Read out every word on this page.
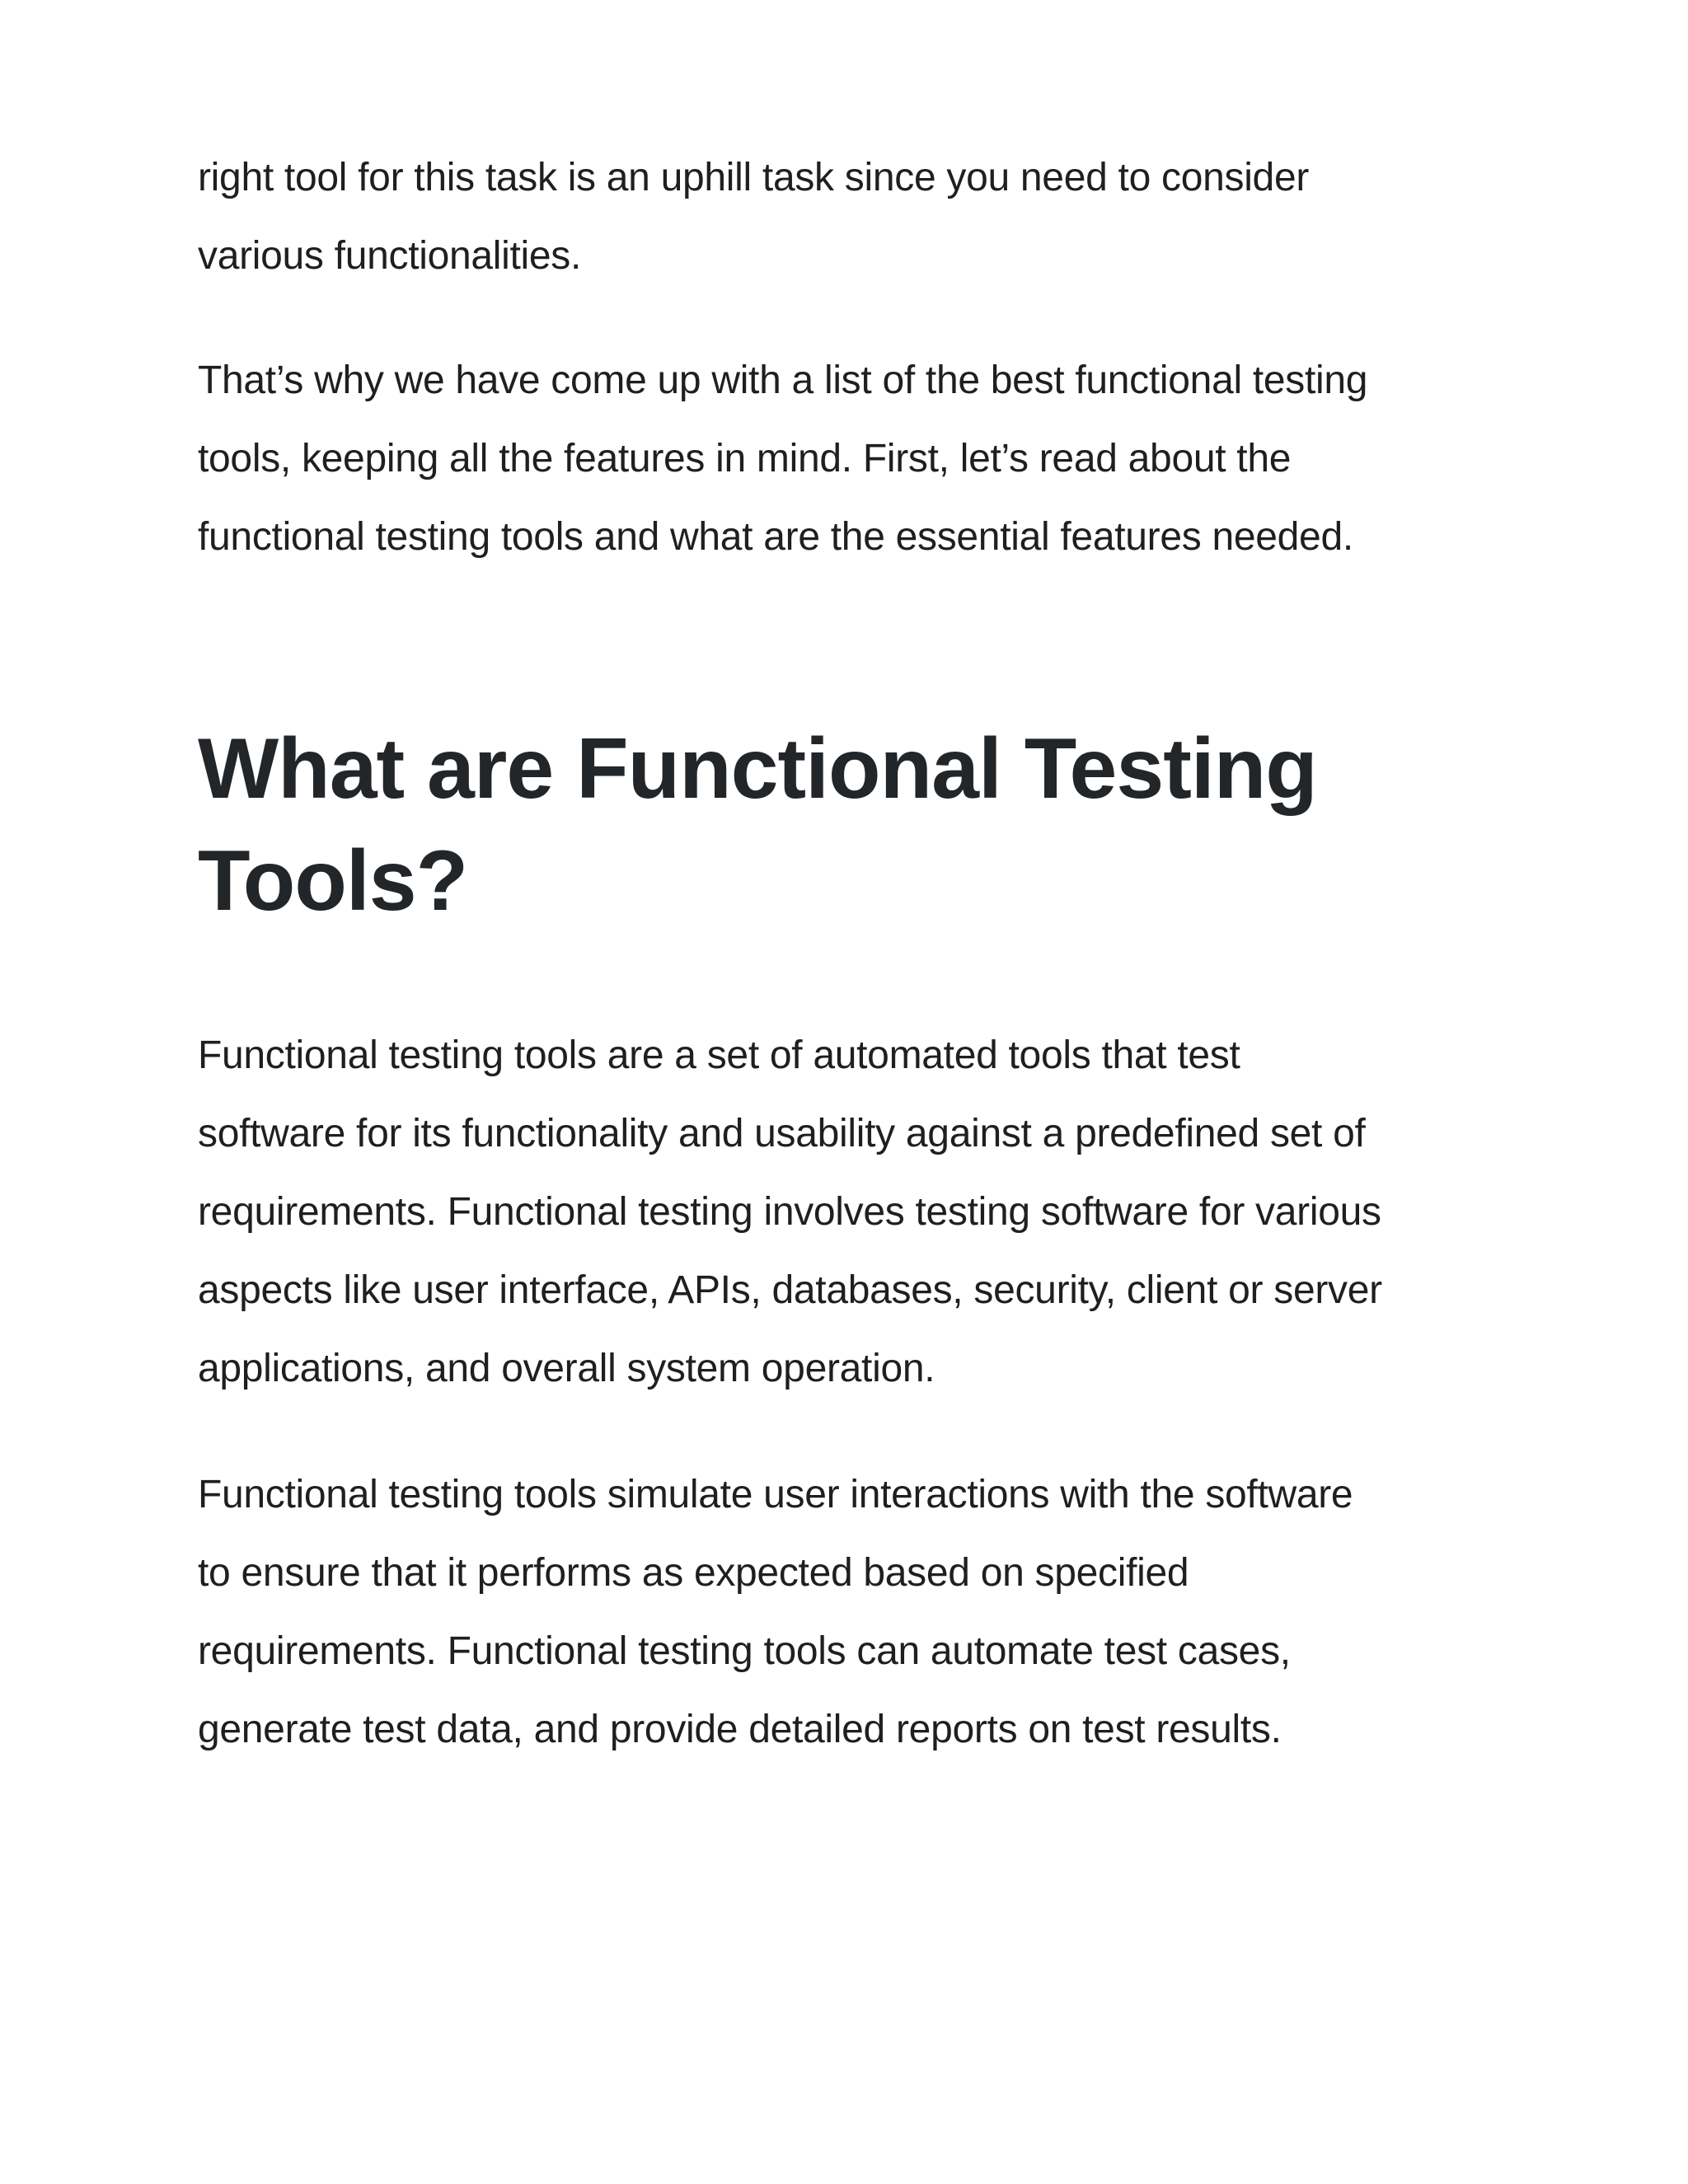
right tool for this task is an uphill task since you need to consider
various functionalities.

That’s why we have come up with a list of the best functional testing
tools, keeping all the features in mind. First, let’s read about the
functional testing tools and what are the essential features needed.

What are Functional Testing
Tools?

Functional testing tools are a set of automated tools that test
software for its functionality and usability against a predefined set of
requirements. Functional testing involves testing software for various
aspects like user interface, APIs, databases, security, client or server
applications, and overall system operation.

Functional testing tools simulate user interactions with the software
to ensure that it performs as expected based on specified
requirements. Functional testing tools can automate test cases,
generate test data, and provide detailed reports on test results.
